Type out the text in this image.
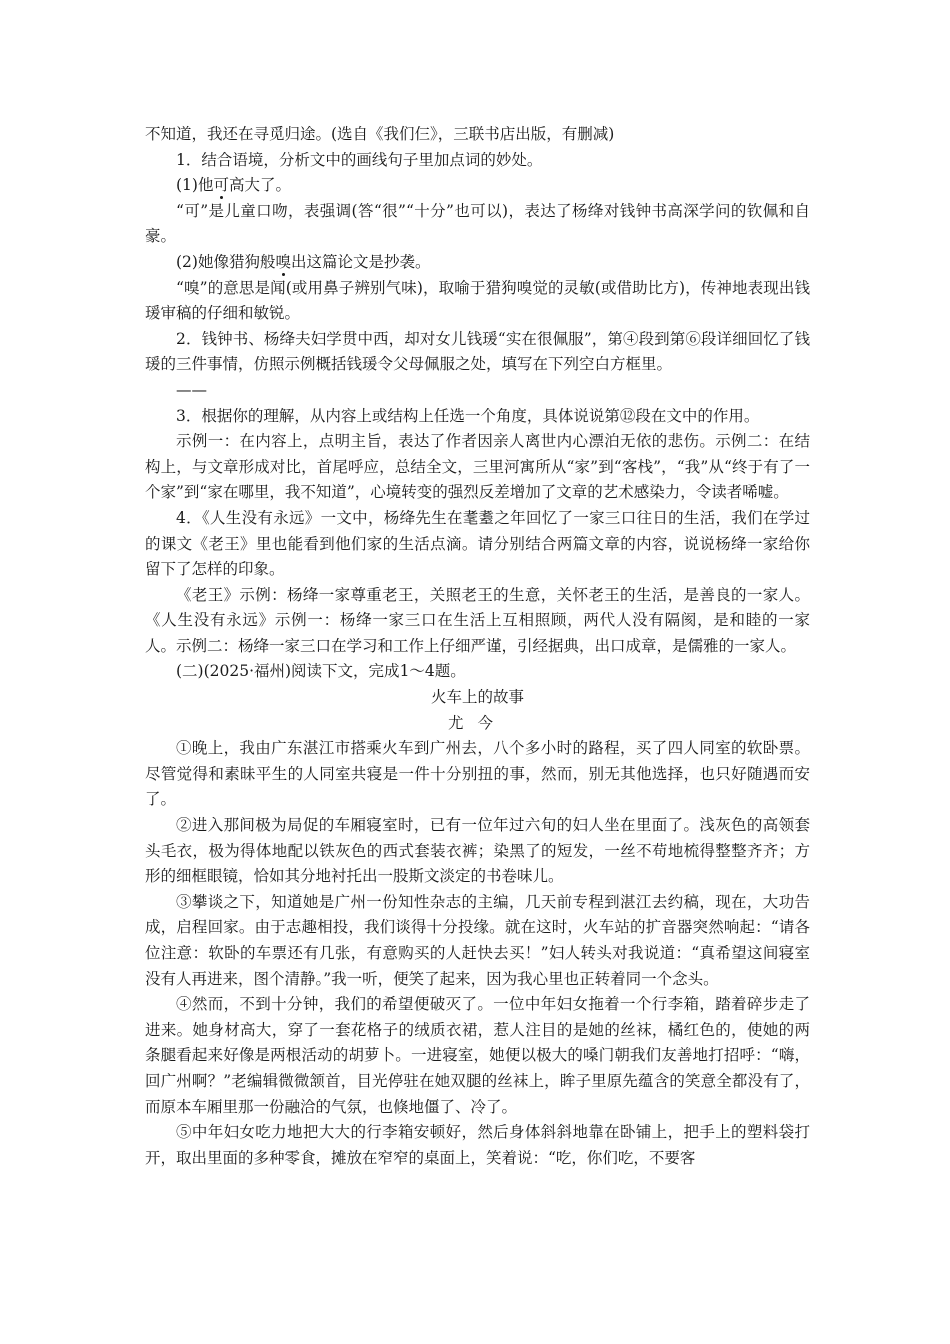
不知道，我还在寻觅归途。(选自《我们仨》，三联书店出版，有删减)

1．结合语境，分析文中的画线句子里加点词的妙处。

(1)他可高大了。

“可”是儿童口吻，表强调(答“很”“十分”也可以)，表达了杨绛对钱钟书高深学问的钦佩和自豪。

(2)她像猎狗般嗅出这篇论文是抄袭。

“嗅”的意思是闻(或用鼻子辨别气味)，取喻于猎狗嗅觉的灵敏(或借助比方)，传神地表现出钱瑗审稿的仔细和敏锐。

2．钱钟书、杨绛夫妇学贯中西，却对女儿钱瑗“实在很佩服”，第④段到第⑥段详细回忆了钱瑗的三件事情，仿照示例概括钱瑗令父母佩服之处，填写在下列空白方框里。

——

3．根据你的理解，从内容上或结构上任选一个角度，具体说说第⑫段在文中的作用。

示例一：在内容上，点明主旨，表达了作者因亲人离世内心漂泊无依的悲伤。示例二：在结构上，与文章形成对比，首尾呼应，总结全文，三里河寓所从“家”到“客栈”，“我”从“终于有了一个家”到“家在哪里，我不知道”，心境转变的强烈反差增加了文章的艺术感染力，令读者唏嘘。

4．《人生没有永远》一文中，杨绛先生在耄耋之年回忆了一家三口往日的生活，我们在学过的课文《老王》里也能看到他们家的生活点滴。请分别结合两篇文章的内容，说说杨绛一家给你留下了怎样的印象。

《老王》示例：杨绛一家尊重老王，关照老王的生意，关怀老王的生活，是善良的一家人。《人生没有永远》示例一：杨绛一家三口在生活上互相照顾，两代人没有隔阂，是和睦的一家人。示例二：杨绛一家三口在学习和工作上仔细严谨，引经据典，出口成章，是儒雅的一家人。

(二)(2025·福州)阅读下文，完成1～4题。

火车上的故事

尤今

①晚上，我由广东湛江市搭乘火车到广州去，八个多小时的路程，买了四人同室的软卧票。尽管觉得和素昧平生的人同室共寝是一件十分别扭的事，然而，别无其他选择，也只好随遇而安了。

②进入那间极为局促的车厢寝室时，已有一位年过六旬的妇人坐在里面了。浅灰色的高领套头毛衣，极为得体地配以铁灰色的西式套装衣裤；染黑了的短发，一丝不苟地梳得整整齐齐；方形的细框眼镜，恰如其分地衬托出一股斯文淡定的书卷味儿。

③攀谈之下，知道她是广州一份知性杂志的主编，几天前专程到湛江去约稿，现在，大功告成，启程回家。由于志趣相投，我们谈得十分投缘。就在这时，火车站的扩音器突然响起：“请各位注意：软卧的车票还有几张，有意购买的人赶快去买！”妇人转头对我说道：“真希望这间寝室没有人再进来，图个清静。”我一听，便笑了起来，因为我心里也正转着同一个念头。

④然而，不到十分钟，我们的希望便破灭了。一位中年妇女拖着一个行李箱，踏着碎步走了进来。她身材高大，穿了一套花格子的绒质衣裙，惹人注目的是她的丝袜，橘红色的，使她的两条腿看起来好像是两根活动的胡萝卜。一进寝室，她便以极大的嗓门朝我们友善地打招呼：“嗨，回广州啊？”老编辑微微颔首，目光停驻在她双腿的丝袜上，眸子里原先蕴含的笑意全都没有了，而原本车厢里那一份融洽的气氛，也倏地僵了、冷了。

⑤中年妇女吃力地把大大的行李箱安顿好，然后身体斜斜地靠在卧铺上，把手上的塑料袋打开，取出里面的多种零食，摊放在窄窄的桌面上，笑着说：“吃，你们吃，不要客
